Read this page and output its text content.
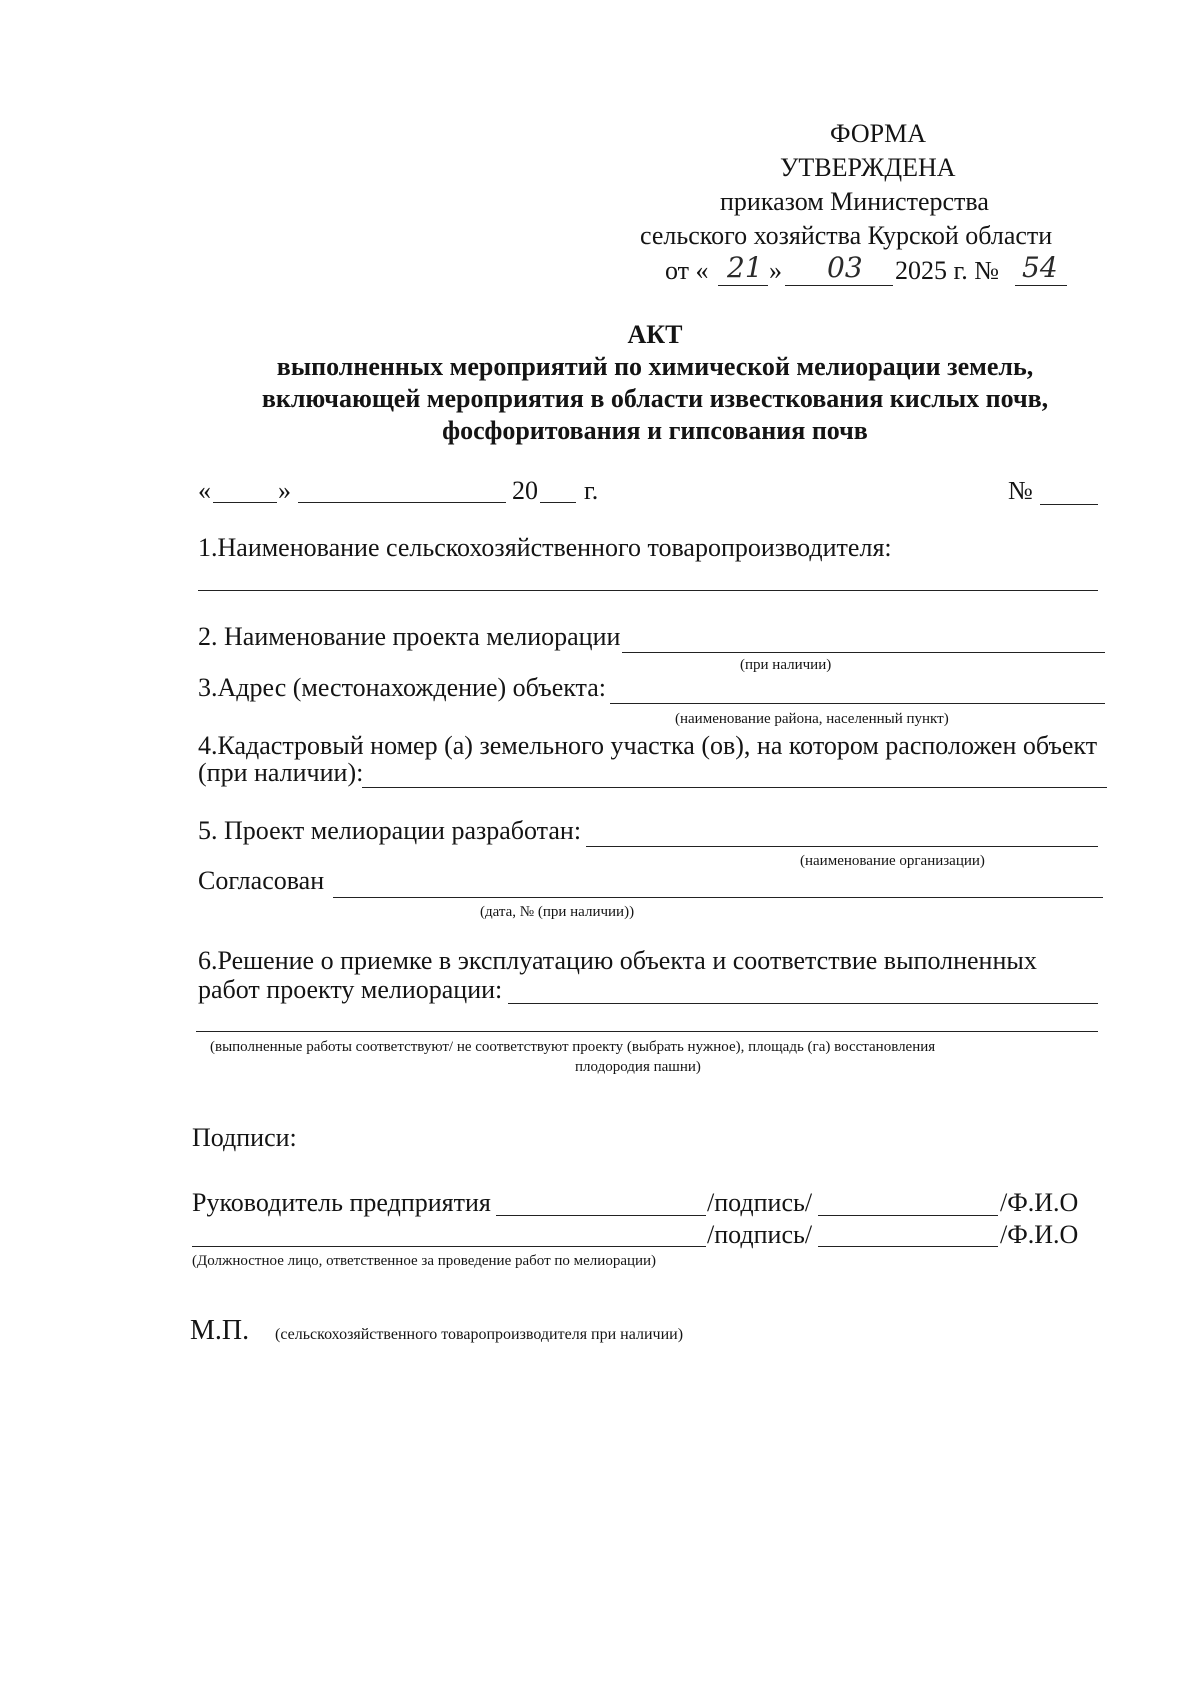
ФОРМА
УТВЕРЖДЕНА
приказом Министерства
сельского хозяйства Курской области
от « 21 » 03 2025 г. № 54
АКТ
выполненных мероприятий по химической мелиорации земель,
включающей мероприятия в области известкования кислых почв,
фосфоритования и гипсования почв
«	»	20 г.	№
1.Наименование сельскохозяйственного товаропроизводителя:
2. Наименование проекта мелиорации
(при наличии)
3.Адрес (местонахождение) объекта:
(наименование района, населенный пункт)
4.Кадастровый номер (а) земельного участка (ов), на котором расположен объект
(при наличии):
5. Проект мелиорации разработан:
(наименование организации)
Согласован
(дата, № (при наличии))
6.Решение о приемке в эксплуатацию объекта и соответствие выполненных
работ проекту мелиорации:
(выполненные работы соответствуют/ не соответствуют проекту (выбрать нужное), площадь (га) восстановления
плодородия пашни)
Подписи:
Руководитель предприятия	/подпись/	/Ф.И.О
/подпись/	/Ф.И.О
(Должностное лицо, ответственное за проведение работ по мелиорации)
М.П. (сельскохозяйственного товаропроизводителя при наличии)
